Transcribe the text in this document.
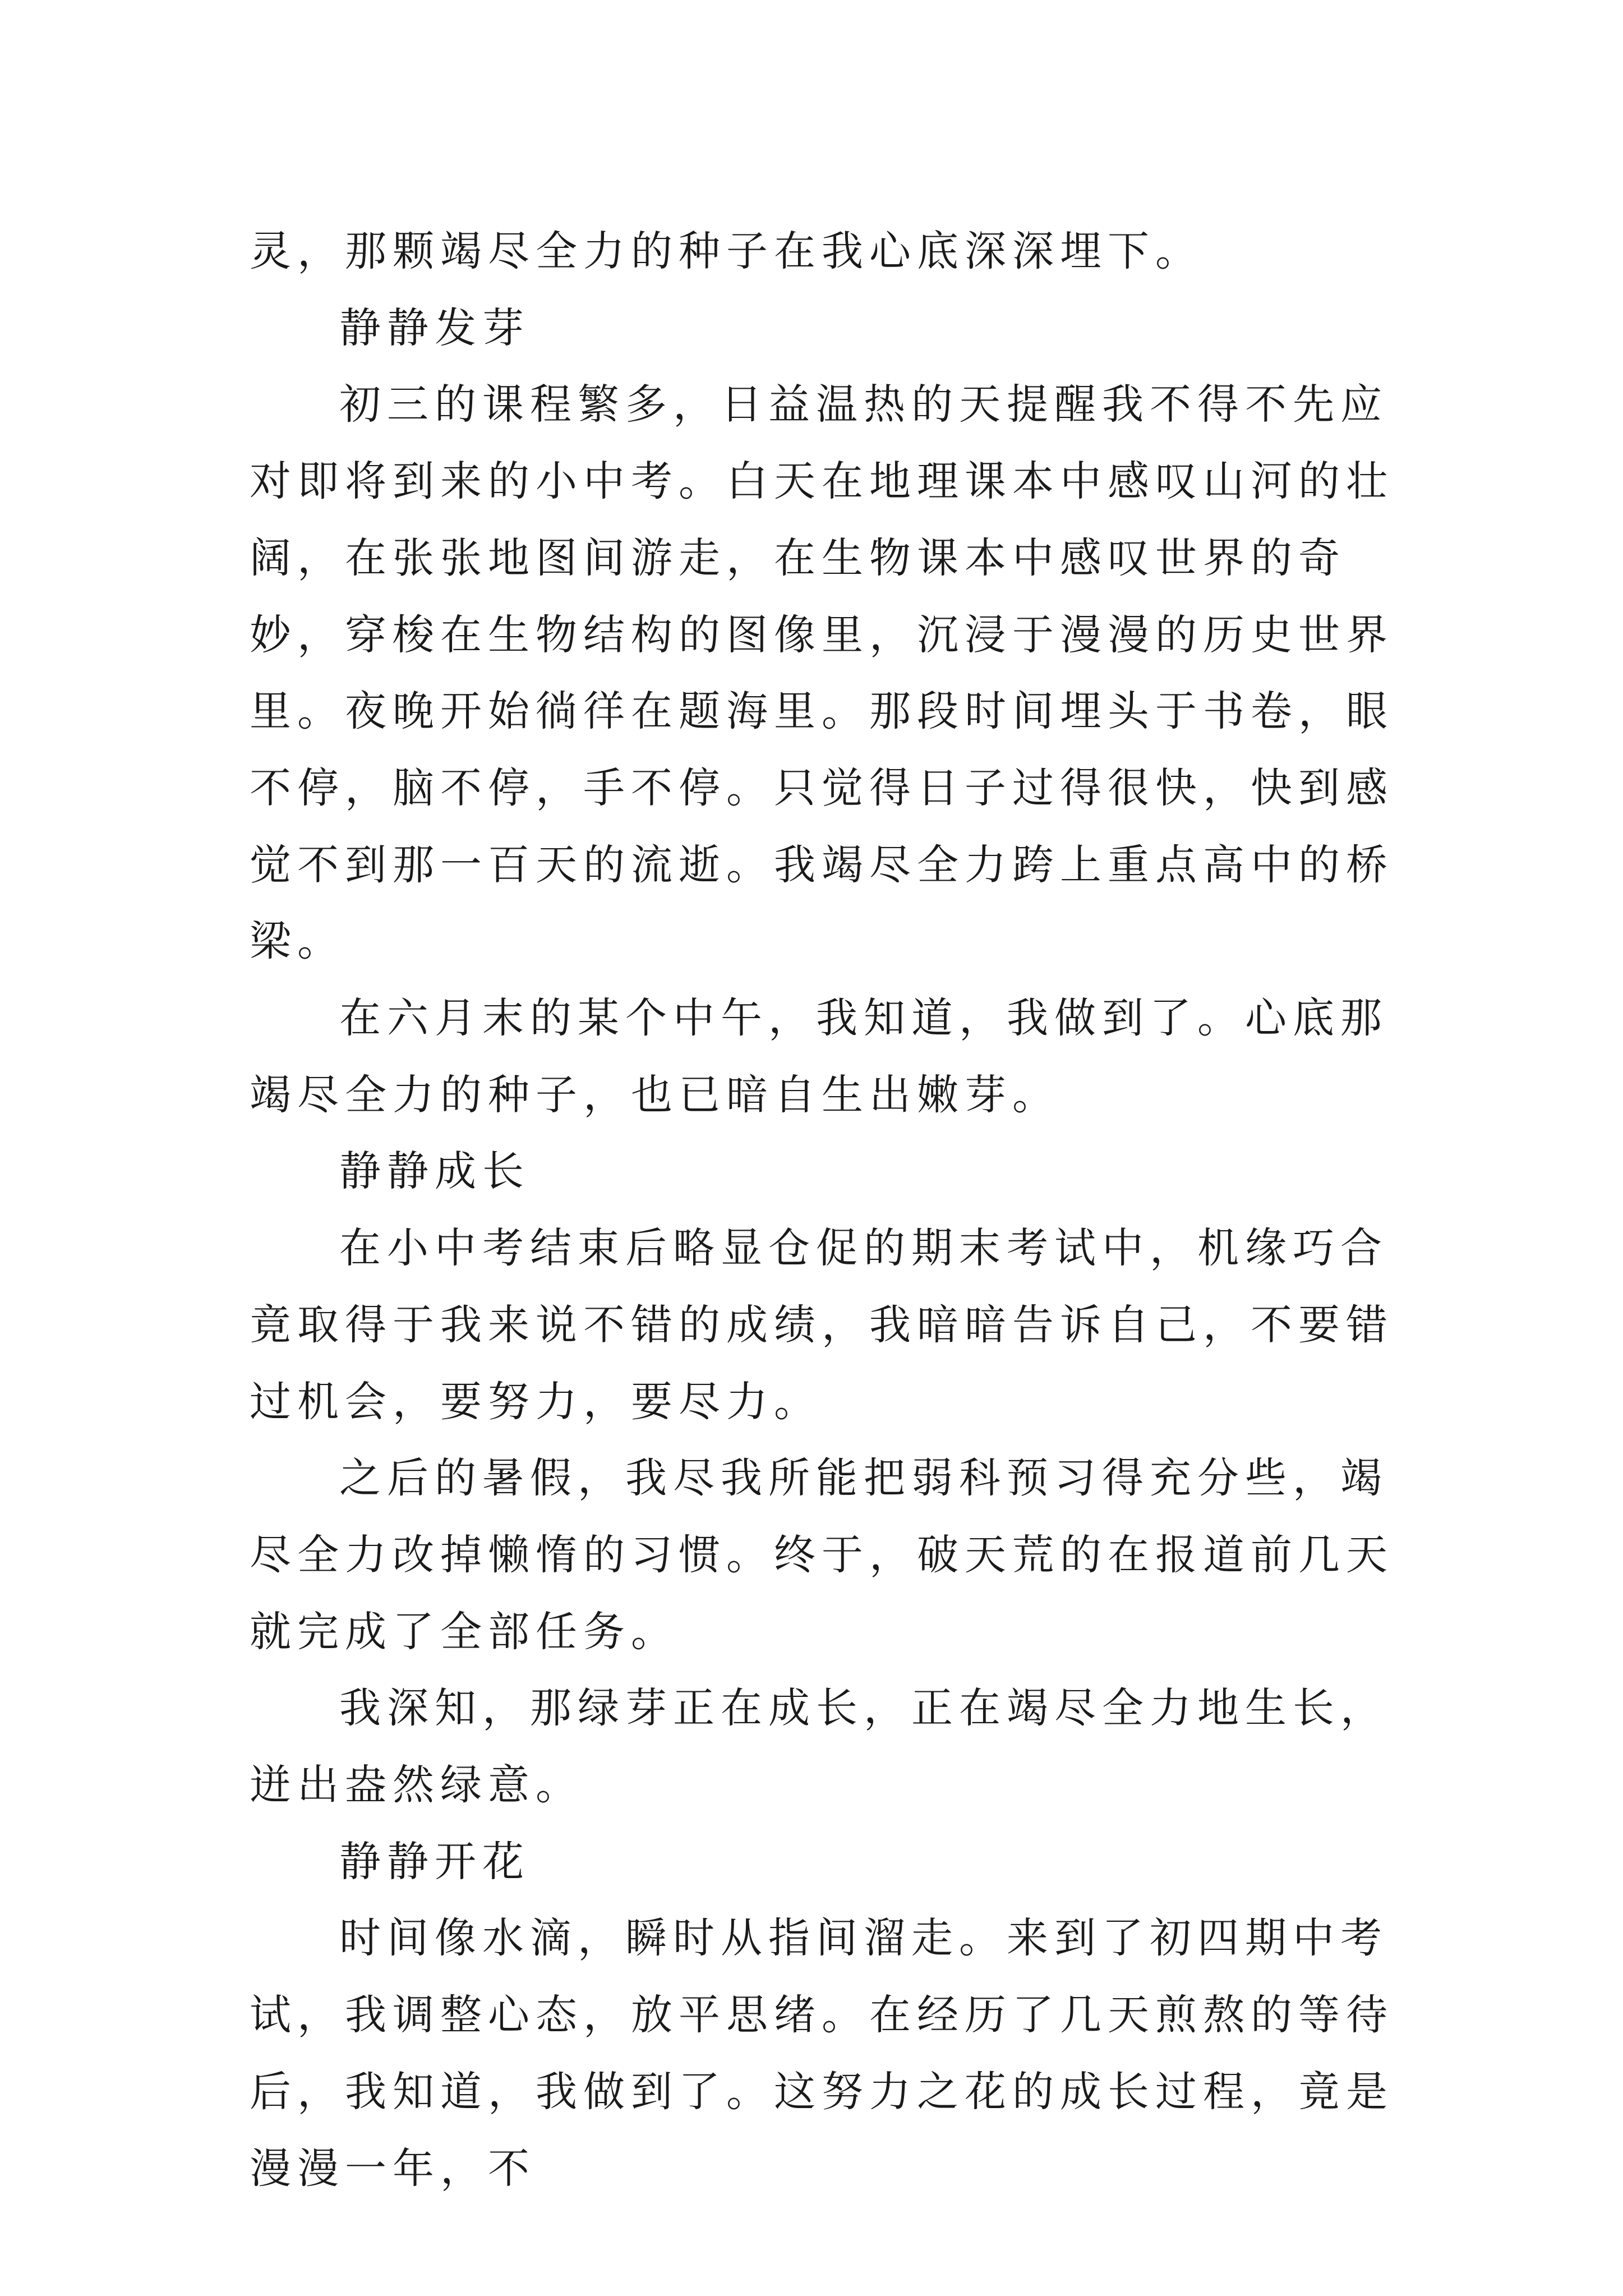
灵，那颗竭尽全力的种子在我心底深深埋下。

静静发芽

初三的课程繁多，日益温热的天提醒我不得不先应对即将到来的小中考。白天在地理课本中感叹山河的壮阔，在张张地图间游走，在生物课本中感叹世界的奇妙，穿梭在生物结构的图像里，沉浸于漫漫的历史世界里。夜晚开始徜徉在题海里。那段时间埋头于书卷，眼不停，脑不停，手不停。只觉得日子过得很快，快到感觉不到那一百天的流逝。我竭尽全力跨上重点高中的桥梁。

在六月末的某个中午，我知道，我做到了。心底那竭尽全力的种子，也已暗自生出嫩芽。

静静成长

在小中考结束后略显仓促的期末考试中，机缘巧合竟取得于我来说不错的成绩，我暗暗告诉自己，不要错过机会，要努力，要尽力。

之后的暑假，我尽我所能把弱科预习得充分些，竭尽全力改掉懒惰的习惯。终于，破天荒的在报道前几天就完成了全部任务。

我深知，那绿芽正在成长，正在竭尽全力地生长，迸出盎然绿意。

静静开花

时间像水滴，瞬时从指间溜走。来到了初四期中考试，我调整心态，放平思绪。在经历了几天煎熬的等待后，我知道，我做到了。这努力之花的成长过程，竟是漫漫一年，不
